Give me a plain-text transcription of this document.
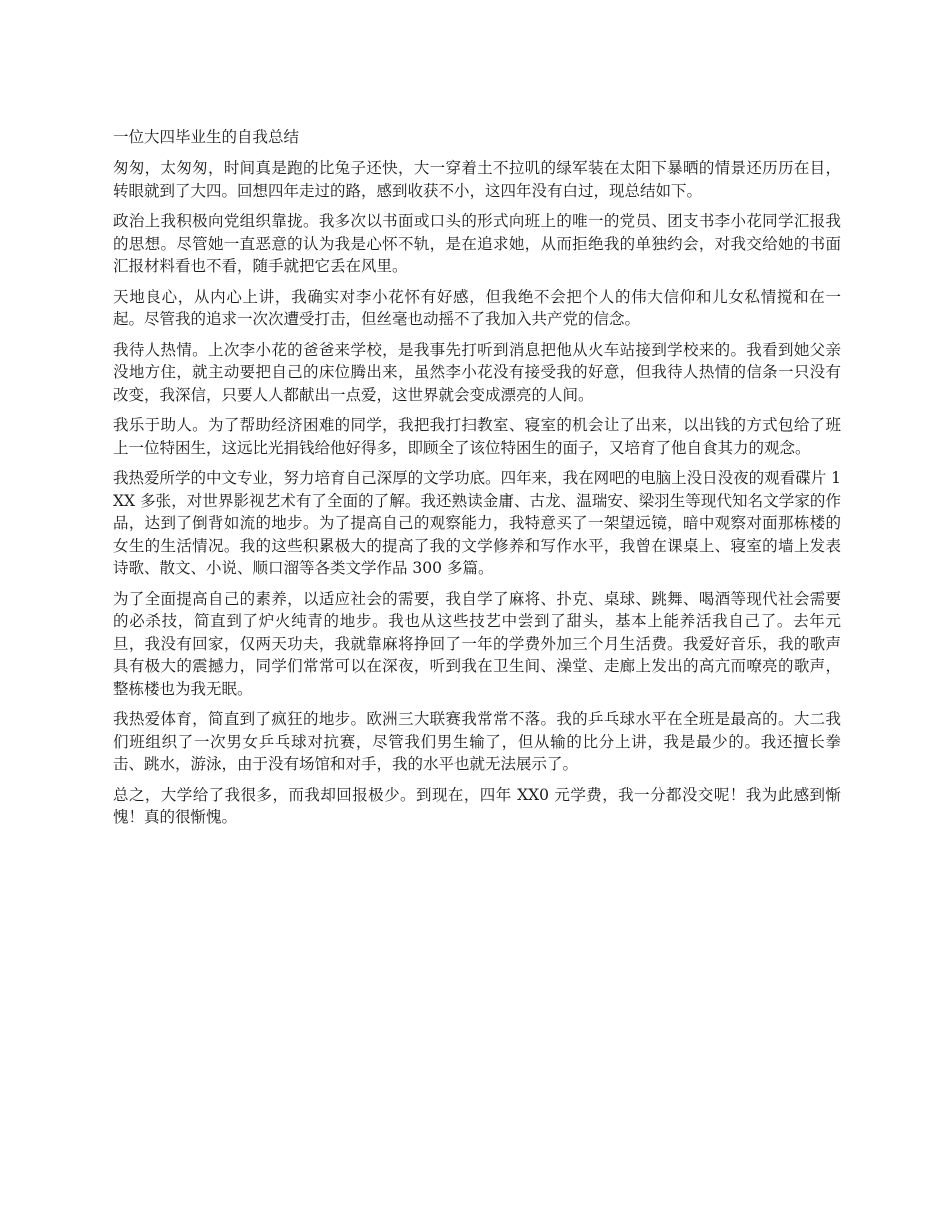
一位大四毕业生的自我总结

匆匆，太匆匆，时间真是跑的比兔子还快，大一穿着土不拉叽的绿军装在太阳下暴晒的情景还历历在目，转眼就到了大四。回想四年走过的路，感到收获不小，这四年没有白过，现总结如下。

政治上我积极向党组织靠拢。我多次以书面或口头的形式向班上的唯一的党员、团支书李小花同学汇报我的思想。尽管她一直恶意的认为我是心怀不轨，是在追求她，从而拒绝我的单独约会，对我交给她的书面汇报材料看也不看，随手就把它丢在风里。

天地良心，从内心上讲，我确实对李小花怀有好感，但我绝不会把个人的伟大信仰和儿女私情搅和在一起。尽管我的追求一次次遭受打击，但丝毫也动摇不了我加入共产党的信念。

我待人热情。上次李小花的爸爸来学校，是我事先打听到消息把他从火车站接到学校来的。我看到她父亲没地方住，就主动要把自己的床位腾出来，虽然李小花没有接受我的好意，但我待人热情的信条一只没有改变，我深信，只要人人都献出一点爱，这世界就会变成漂亮的人间。

我乐于助人。为了帮助经济困难的同学，我把我打扫教室、寝室的机会让了出来，以出钱的方式包给了班上一位特困生，这远比光捐钱给他好得多，即顾全了该位特困生的面子，又培育了他自食其力的观念。

我热爱所学的中文专业，努力培育自己深厚的文学功底。四年来，我在网吧的电脑上没日没夜的观看碟片 1XX 多张，对世界影视艺术有了全面的了解。我还熟读金庸、古龙、温瑞安、梁羽生等现代知名文学家的作品，达到了倒背如流的地步。为了提高自己的观察能力，我特意买了一架望远镜，暗中观察对面那栋楼的女生的生活情况。我的这些积累极大的提高了我的文学修养和写作水平，我曾在课桌上、寝室的墙上发表诗歌、散文、小说、顺口溜等各类文学作品 300 多篇。

为了全面提高自己的素养，以适应社会的需要，我自学了麻将、扑克、桌球、跳舞、喝酒等现代社会需要的必杀技，简直到了炉火纯青的地步。我也从这些技艺中尝到了甜头，基本上能养活我自己了。去年元旦，我没有回家，仅两天功夫，我就靠麻将挣回了一年的学费外加三个月生活费。我爱好音乐，我的歌声具有极大的震撼力，同学们常常可以在深夜，听到我在卫生间、澡堂、走廊上发出的高亢而嘹亮的歌声，整栋楼也为我无眠。

我热爱体育，简直到了疯狂的地步。欧洲三大联赛我常常不落。我的乒乓球水平在全班是最高的。大二我们班组织了一次男女乒乓球对抗赛，尽管我们男生输了，但从输的比分上讲，我是最少的。我还擅长拳击、跳水，游泳，由于没有场馆和对手，我的水平也就无法展示了。

总之，大学给了我很多，而我却回报极少。到现在，四年 XX0 元学费，我一分都没交呢！我为此感到惭愧！真的很惭愧。
